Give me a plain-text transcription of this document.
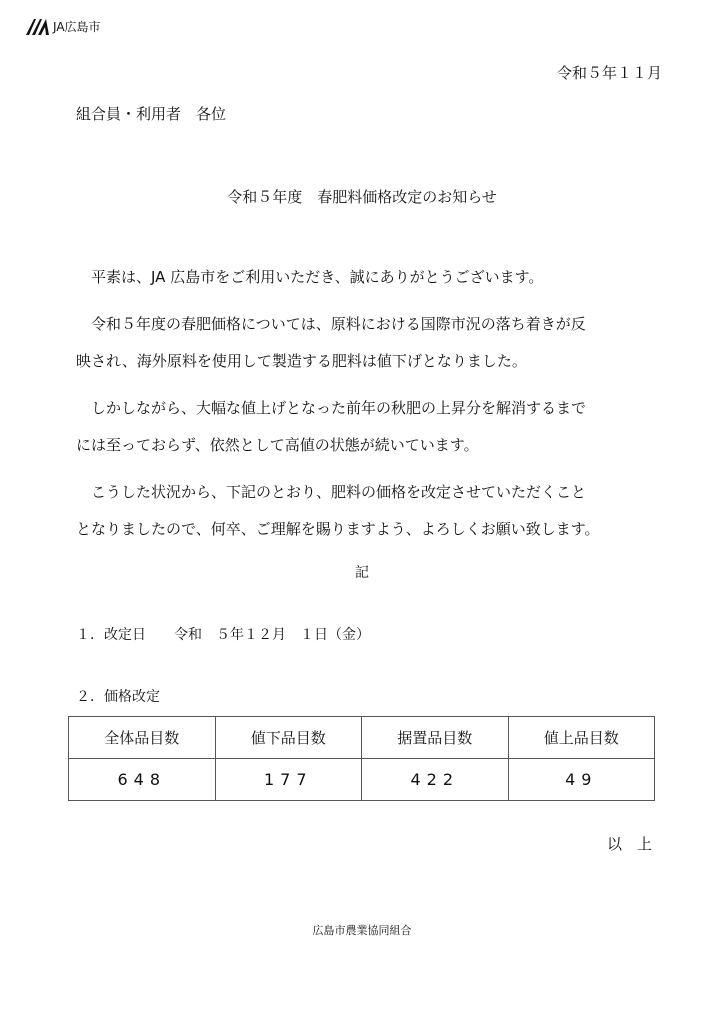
JA広島市
令和５年１１月
組合員・利用者　各位
令和５年度　春肥料価格改定のお知らせ
平素は、JA 広島市をご利用いただき、誠にありがとうございます。
令和５年度の春肥価格については、原料における国際市況の落ち着きが反
映され、海外原料を使用して製造する肥料は値下げとなりました。
しかしながら、大幅な値上げとなった前年の秋肥の上昇分を解消するまで
には至っておらず、依然として高値の状態が続いています。
こうした状況から、下記のとおり、肥料の価格を改定させていただくこと
となりましたので、何卒、ご理解を賜りますよう、よろしくお願い致します。
記
１．改定日　　令和　５年１２月　１日（金）
２．価格改定
全体品目数	値下品目数	据置品目数	値上品目数
648	177	422	49
以　上
広島市農業協同組合
